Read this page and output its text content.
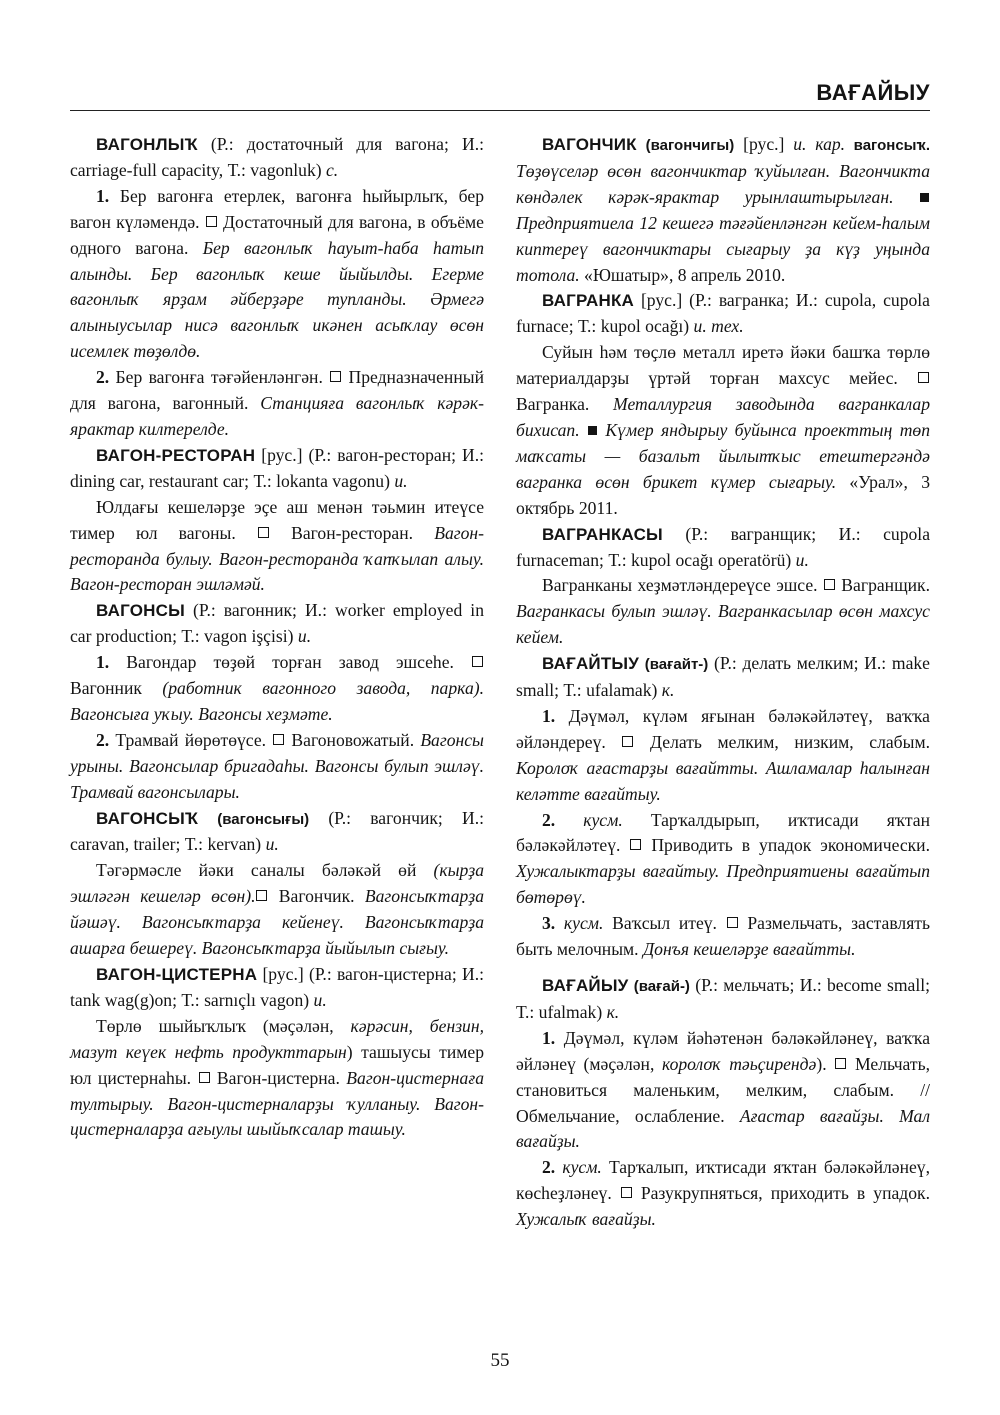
ВАҒАЙЫУ

ВАГОНЛЫҠ (Р.: достаточный для вагона; И.: carriage-full capacity, Т.: vagonluk) с.

1. Бер вагонға етерлек, вагонға һыйырлыҡ, бер вагон күләмендә.  Достаточный для вагона, в объёме одного вагона. Бер вагонлыҡ һауыт-һаба һатып алынды. Бер вагонлыҡ кеше йыйылды. Егерме вагонлыҡ ярҙам әйберҙәре тупланды. Әрмегә алыныусылар нисә вагонлыҡ икәнен асыҡлау өсөн исемлек төҙөлдө.

2. Бер вагонға тәғәйенләнгән.  Предназначенный для вагона, вагонный. Станцияға вагонлыҡ кәрәк-ярактар килтерелде.

ВАГОН-РЕСТОРАН [рус.] (Р.: вагон-ресторан; И.: dining car, restaurant car; Т.: lokanta vagonu) и.

Юлдағы кешеләрҙе эҫе аш менән тәьмин итеүсе тимер юл вагоны.  Вагон-ресторан. Вагон-ресторанда булыу. Вагон-ресторанда ҡапҡылап алыу. Вагон-ресторан эшләмәй.

ВАГОНСЫ (Р.: вагонник; И.: worker employed in car production; Т.: vagon işçisi) и.

1. Вагондар төҙөй торған завод эшсеһе.  Вагонник (работник вагонного завода, парка). Вагонсыға уҡыу. Вагонсы хеҙмәте.

2. Трамвай йөрөтөүсе.  Вагоновожатый. Вагонсы урыны. Вагонсылар бригадаһы. Вагонсы булып эшләү. Трамвай вагонсылары.

ВАГОНСЫҠ (вагонсығы) (Р.: вагончик; И.: caravan, trailer; Т.: kervan) и.

Тәгәрмәсле йәки саналы бәләкәй өй (кырҙа эшләгән кешеләр өсөн). Вагончик. Вагонсыҡтарҙа йәшәү. Вагонсыҡтарҙа кейенеү. Вагонсыҡтарҙа ашарға бешереү. Вагонсыҡтарҙа йыйылып сығыу.

ВАГОН-ЦИСТЕРНА [рус.] (Р.: вагон-цистерна; И.: tank wag(g)on; Т.: sarnıçlı vagon) и.

Төрлө шыйыҡлыҡ (мәҫәлән, кәрәсин, бензин, мазут кеүек нефть продукттарын) ташыусы тимер юл цистернаһы.  Вагон-цистерна. Вагон-цистернаға тултырыу. Вагон-цистерналарҙы ҡулланыу. Вагон-цистерналарҙа ағыулы шыйыҡсалар ташыу.

ВАГОНЧИК (вагончигы) [рус.] и. кар. вагонсыҡ. Төҙөүселәр өсөн вагончиктар ҡуйылған. Вагончикта көндәлек кәрәк-ярактар урынлаштырылған.  Предприятиела 12 кешегә тәғәйенләнгән кейем-һалым киптереү вагончиктары сығарыу ҙа күҙ уңында тотола. «Юшатыр», 8 апрель 2010.

ВАГРАНКА [рус.] (Р.: вагранка; И.: cupola, cupola furnace; Т.: kupol ocağı) и. тех.

Суйын һәм төҫлө металл иретә йәки башҡа төрлө материалдарҙы үртәй торған махсус мейес.  Вагранка. Металлургия заводында вагранкалар бихисап.  Күмер яндырыу буйынса проекттың төп маҡсаты — базальт йылытҡыс етештергәндә вагранка өсөн брикет күмер сығарыу. «Урал», 3 октябрь 2011.

ВАГРАНКАСЫ (Р.: вагранщик; И.: cupola furnaceman; Т.: kupol ocağı operatörü) и.

Вагранканы хеҙмәтләндереүсе эшсе.  Вагранщик. Вагранкасы булып эшләү. Вагранкасылар өсөн махсус кейем.

ВАҒАЙТЫУ (вағайт-) (Р.: делать мелким; И.: make small; Т.: ufalamak) к.

1. Дәүмәл, күләм яғынан бәләкәйләтеү, ваҡҡа әйләндереү.  Делать мелким, низким, слабым. Королоҡ ағастарҙы вағайтты. Ашламалар һалынған келәтте вағайтыу.

2. кусм. Тарҡалдырып, иҡтисади яҡтан бәләкәйләтеү.  Приводить в упадок экономически. Хужалыктарҙы вағайтыу. Предприятиены вағайтып бөтөрөү.

3. кусм. Ваҡсыл итеү.  Размельчать, заставлять быть мелочным. Донъя кешеләрҙе вағайтты.

ВАҒАЙЫУ (вағай-) (Р.: мельчать; И.: become small; Т.: ufalmak) к.

1. Дәүмәл, күләм йәһәтенән бәләкәйләнеү, ваҡҡа әйләнеү (мәҫәлән, королоҡ тәьҫирендә).  Мельчать, становиться маленьким, мелким, слабым. // Обмельчание, ослабление. Ағастар вағайҙы. Мал вағайҙы.

2. кусм. Тарҡалып, иҡтисади яҡтан бәләкәйләнеү, көсһеҙләнеү.  Разукрупняться, приходить в упадок. Хужалыҡ вағайҙы.

55
